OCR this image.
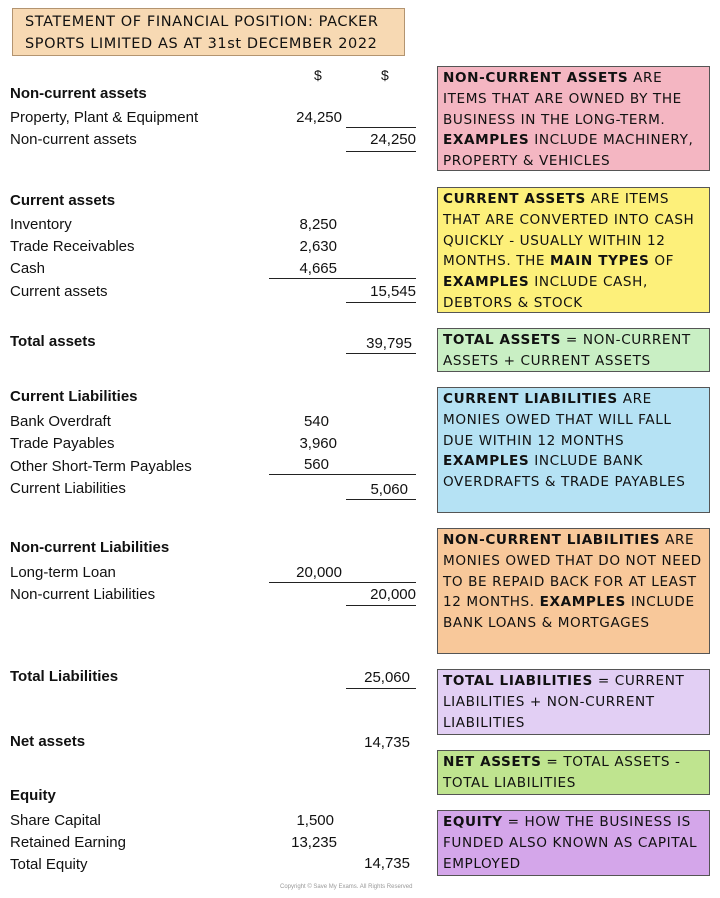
STATEMENT OF FINANCIAL POSITION: PACKER
SPORTS LIMITED AS AT 31st DECEMBER 2022
$	$
Non-current assets
Property, Plant & Equipment	24,250
Non-current assets	24,250
Current assets
Inventory	8,250
Trade Receivables	2,630
Cash	4,665
Current assets	15,545
Total assets	39,795
Current Liabilities
Bank Overdraft	540
Trade Payables	3,960
Other Short-Term Payables	560
Current Liabilities	5,060
Non-current Liabilities
Long-term Loan	20,000
Non-current Liabilities	20,000
Total Liabilities	25,060
Net assets	14,735
Equity
Share Capital	1,500
Retained Earning	13,235
Total Equity	14,735
NON-CURRENT ASSETS ARE ITEMS THAT ARE OWNED BY THE BUSINESS IN THE LONG-TERM. EXAMPLES INCLUDE MACHINERY, PROPERTY & VEHICLES
CURRENT ASSETS ARE ITEMS THAT ARE CONVERTED INTO CASH QUICKLY - USUALLY WITHIN 12 MONTHS. THE MAIN TYPES OF EXAMPLES INCLUDE CASH, DEBTORS & STOCK
TOTAL ASSETS = NON-CURRENT ASSETS + CURRENT ASSETS
CURRENT LIABILITIES ARE MONIES OWED THAT WILL FALL DUE WITHIN 12 MONTHS EXAMPLES INCLUDE BANK OVERDRAFTS & TRADE PAYABLES
NON-CURRENT LIABILITIES ARE MONIES OWED THAT DO NOT NEED TO BE REPAID BACK FOR AT LEAST 12 MONTHS. EXAMPLES INCLUDE BANK LOANS & MORTGAGES
TOTAL LIABILITIES = CURRENT LIABILITIES + NON-CURRENT LIABILITIES
NET ASSETS = TOTAL ASSETS - TOTAL LIABILITIES
EQUITY = HOW THE BUSINESS IS FUNDED ALSO KNOWN AS CAPITAL EMPLOYED
Copyright © Save My Exams. All Rights Reserved
